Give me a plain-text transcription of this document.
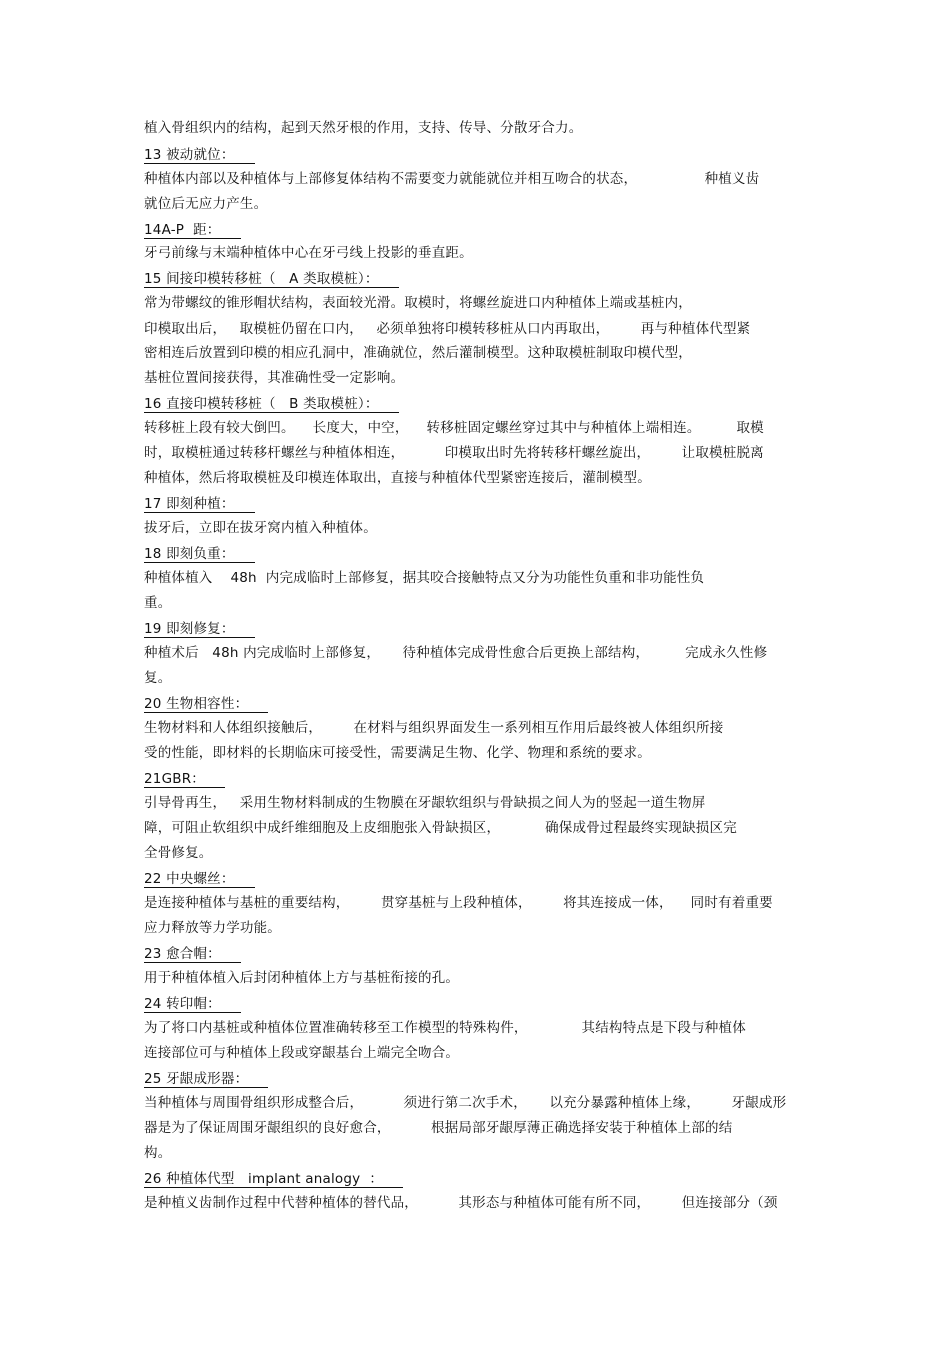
植入骨组织内的结构，起到天然牙根的作用，支持、传导、分散牙合力。
13 被动就位：
种植体内部以及种植体与上部修复体结构不需要变力就能就位并相互吻合的状态，               种植义齿
就位后无应力产生。
14A-P  距：
牙弓前缘与末端种植体中心在牙弓线上投影的垂直距。
15 间接印模转移桩（   A 类取模桩）：
常为带螺纹的锥形帽状结构，表面较光滑。取模时，将螺丝旋进口内种植体上端或基桩内，
印模取出后，   取模桩仍留在口内，   必须单独将印模转移桩从口内再取出，       再与种植体代型紧
密相连后放置到印模的相应孔洞中，准确就位，然后灌制模型。这种取模桩制取印模代型，
基桩位置间接获得，其准确性受一定影响。
16 直接印模转移桩（   B 类取模桩）：
转移桩上段有较大倒凹。    长度大，中空，    转移桩固定螺丝穿过其中与种植体上端相连。        取模
时，取模桩通过转移杆螺丝与种植体相连，         印模取出时先将转移杆螺丝旋出，       让取模桩脱离
种植体，然后将取模桩及印模连体取出，直接与种植体代型紧密连接后，灌制模型。
17 即刻种植：
拔牙后，立即在拔牙窝内植入种植体。
18 即刻负重：
种植体植入    48h  内完成临时上部修复，据其咬合接触特点又分为功能性负重和非功能性负
重。
19 即刻修复：
种植术后   48h 内完成临时上部修复，     待种植体完成骨性愈合后更换上部结构，        完成永久性修
复。
20 生物相容性：
生物材料和人体组织接触后，       在材料与组织界面发生一系列相互作用后最终被人体组织所接
受的性能，即材料的长期临床可接受性，需要满足生物、化学、物理和系统的要求。
21GBR：
引导骨再生，   采用生物材料制成的生物膜在牙龈软组织与骨缺损之间人为的竖起一道生物屏
障，可阻止软组织中成纤维细胞及上皮细胞张入骨缺损区，          确保成骨过程最终实现缺损区完
全骨修复。
22 中央螺丝：
是连接种植体与基桩的重要结构，       贯穿基桩与上段种植体，       将其连接成一体，    同时有着重要
应力释放等力学功能。
23 愈合帽：
用于种植体植入后封闭种植体上方与基桩衔接的孔。
24 转印帽：
为了将口内基桩或种植体位置准确转移至工作模型的特殊构件，            其结构特点是下段与种植体
连接部位可与种植体上段或穿龈基台上端完全吻合。
25 牙龈成形器：
当种植体与周围骨组织形成整合后，         须进行第二次手术，     以充分暴露种植体上缘，       牙龈成形
器是为了保证周围牙龈组织的良好愈合，         根据局部牙龈厚薄正确选择安装于种植体上部的结
构。
26 种植体代型   implant analogy  ：
是种植义齿制作过程中代替种植体的替代品，         其形态与种植体可能有所不同，       但连接部分（颈
